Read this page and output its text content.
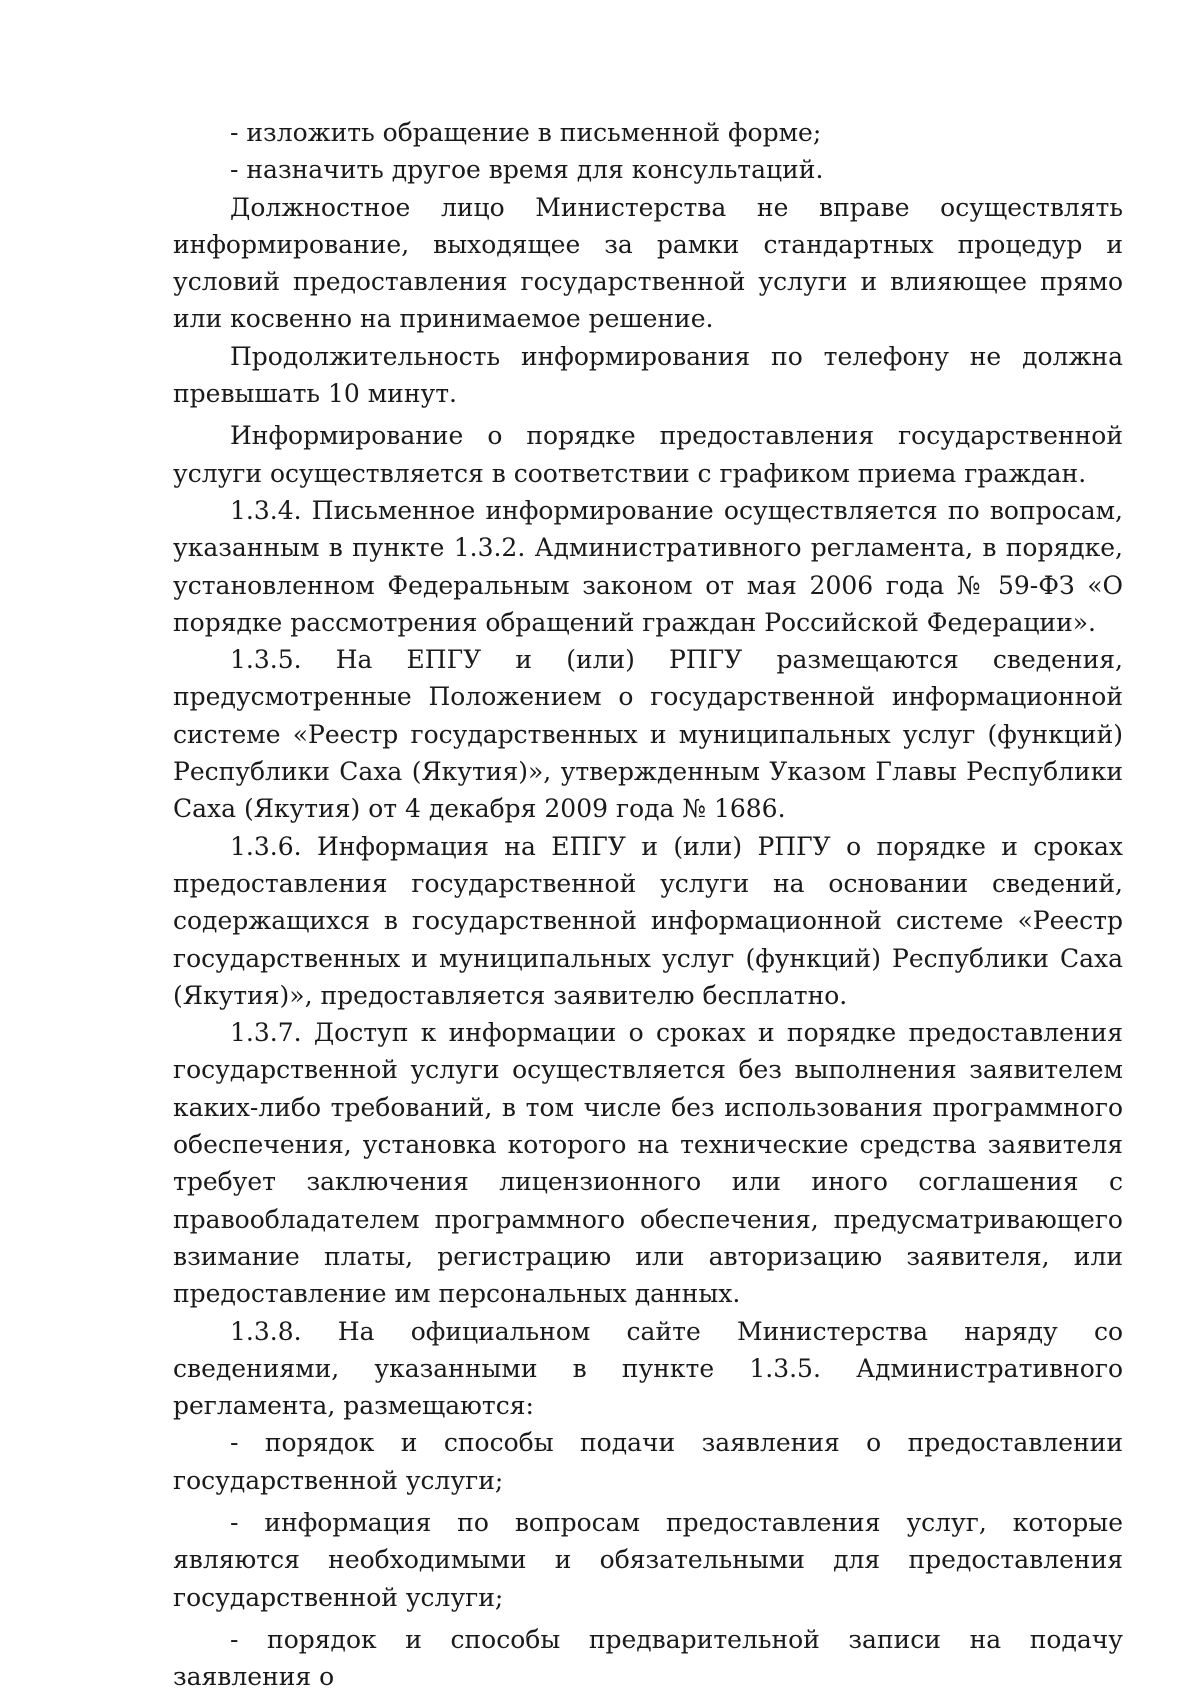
- изложить обращение в письменной форме;

- назначить другое время для консультаций.

Должностное лицо Министерства не вправе осуществлять информирование, выходящее за рамки стандартных процедур и условий предоставления государственной услуги и влияющее прямо или косвенно на принимаемое решение.

Продолжительность информирования по телефону не должна превышать 10 минут.

Информирование о порядке предоставления государственной услуги осуществляется в соответствии с графиком приема граждан.

1.3.4. Письменное информирование осуществляется по вопросам, указанным в пункте 1.3.2. Административного регламента, в порядке, установленном Федеральным законом от мая 2006 года № 59-ФЗ «О порядке рассмотрения обращений граждан Российской Федерации».

1.3.5. На ЕПГУ и (или) РПГУ размещаются сведения, предусмотренные Положением о государственной информационной системе «Реестр государственных и муниципальных услуг (функций) Республики Саха (Якутия)», утвержденным Указом Главы Республики Саха (Якутия) от 4 декабря 2009 года № 1686.

1.3.6. Информация на ЕПГУ и (или) РПГУ о порядке и сроках предоставления государственной услуги на основании сведений, содержащихся в государственной информационной системе «Реестр государственных и муниципальных услуг (функций) Республики Саха (Якутия)», предоставляется заявителю бесплатно.

1.3.7. Доступ к информации о сроках и порядке предоставления государственной услуги осуществляется без выполнения заявителем каких-либо требований, в том числе без использования программного обеспечения, установка которого на технические средства заявителя требует заключения лицензионного или иного соглашения с правообладателем программного обеспечения, предусматривающего взимание платы, регистрацию или авторизацию заявителя, или предоставление им персональных данных.

1.3.8. На официальном сайте Министерства наряду со сведениями, указанными в пункте 1.3.5. Административного регламента, размещаются:

- порядок и способы подачи заявления о предоставлении государственной услуги;

- информация по вопросам предоставления услуг, которые являются необходимыми и обязательными для предоставления государственной услуги;

- порядок и способы предварительной записи на подачу заявления о
